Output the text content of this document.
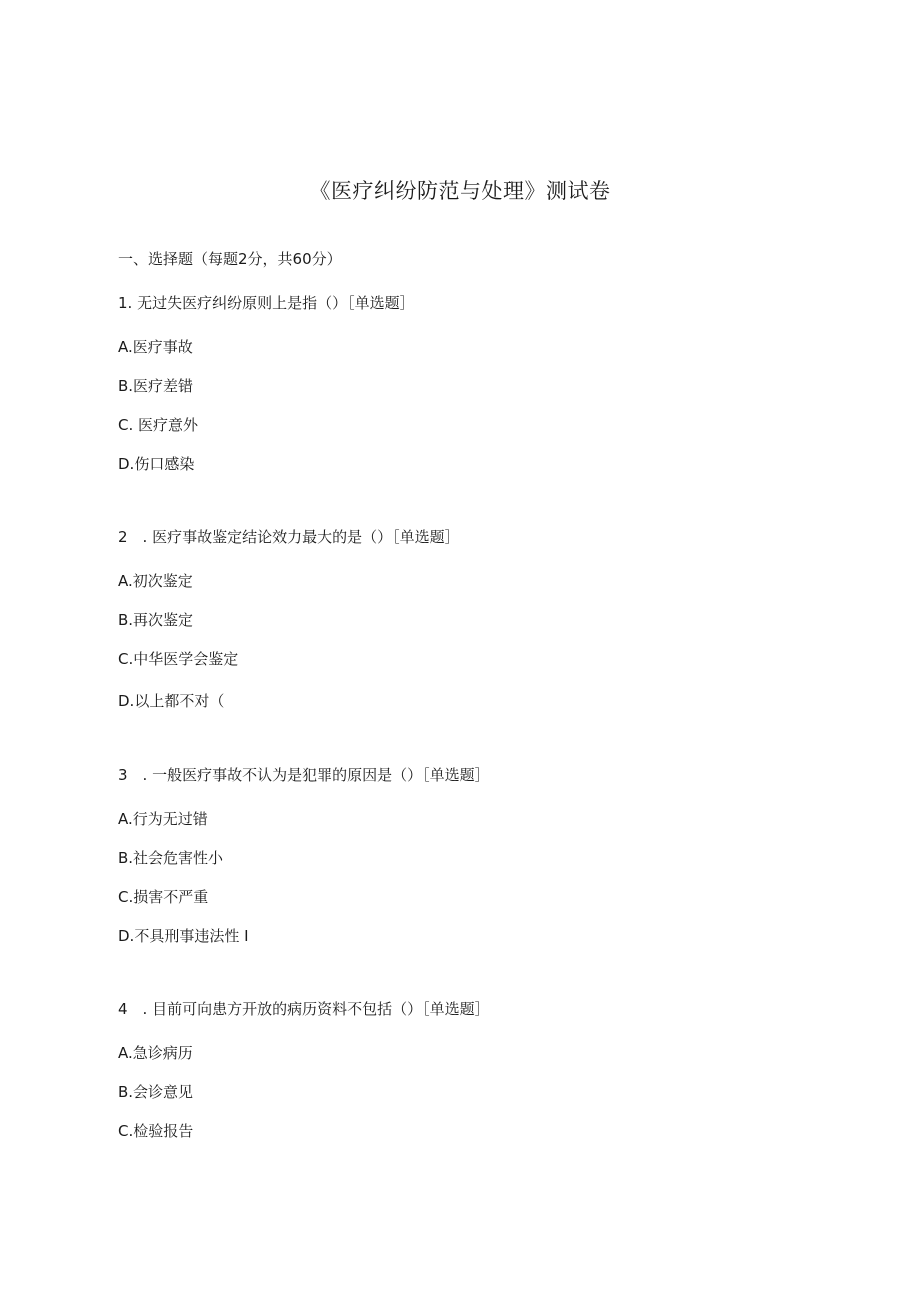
《医疗纠纷防范与处理》测试卷
一、选择题（每题2分，共60分）
1. 无过失医疗纠纷原则上是指（）［单选题］
A.医疗事故
B.医疗差错
C. 医疗意外
D.伤口感染
2　. 医疗事故鉴定结论效力最大的是（）［单选题］
A.初次鉴定
B.再次鉴定
C.中华医学会鉴定
D.以上都不对（
3　. 一般医疗事故不认为是犯罪的原因是（）［单选题］
A.行为无过错
B.社会危害性小
C.损害不严重
D.不具刑事违法性 I
4　. 目前可向患方开放的病历资料不包括（）［单选题］
A.急诊病历
B.会诊意见
C.检验报告
